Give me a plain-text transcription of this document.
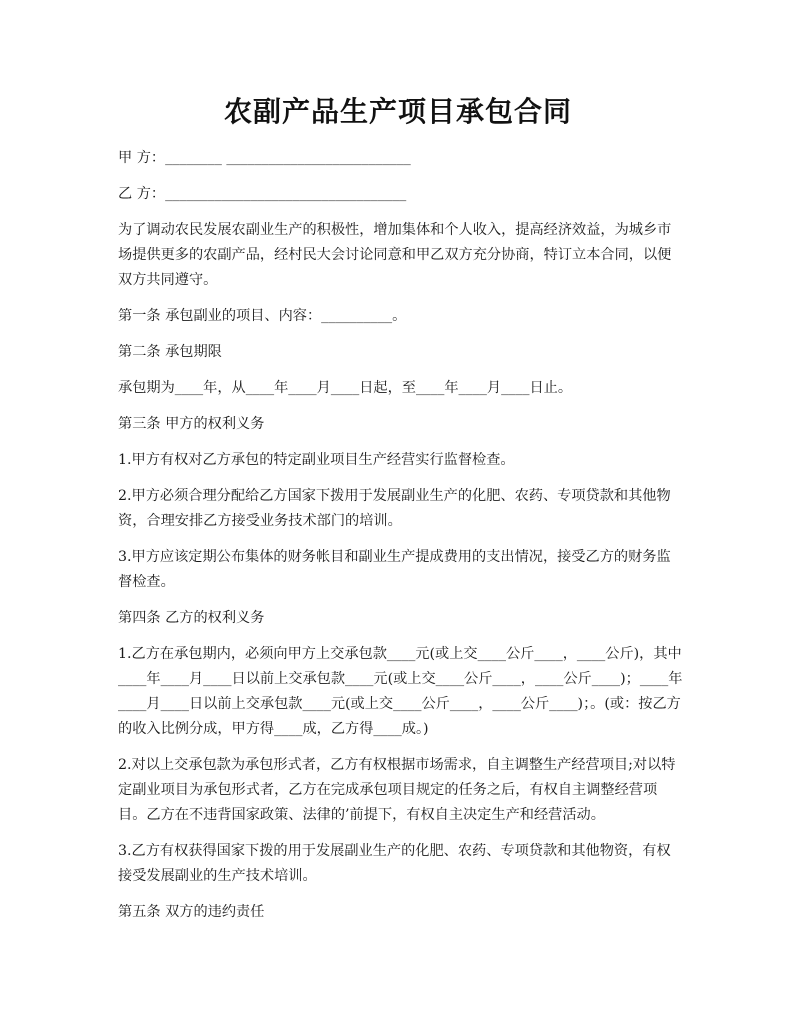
农副产品生产项目承包合同

甲 方：________ __________________________

乙 方：__________________________________

为了调动农民发展农副业生产的积极性，增加集体和个人收入，提高经济效益，为城乡市场提供更多的农副产品，经村民大会讨论同意和甲乙双方充分协商，特订立本合同，以便双方共同遵守。

第一条 承包副业的项目、内容：__________。

第二条 承包期限

承包期为____年，从____年____月____日起，至____年____月____日止。

第三条 甲方的权利义务

1.甲方有权对乙方承包的特定副业项目生产经营实行监督检查。

2.甲方必须合理分配给乙方国家下拨用于发展副业生产的化肥、农药、专项贷款和其他物资，合理安排乙方接受业务技术部门的培训。

3.甲方应该定期公布集体的财务帐目和副业生产提成费用的支出情况，接受乙方的财务监督检查。

第四条 乙方的权利义务

1.乙方在承包期内，必须向甲方上交承包款____元(或上交____公斤____，____公斤)，其中____年____月____日以前上交承包款____元(或上交____公斤____，____公斤____)；____年____月____日以前上交承包款____元(或上交____公斤____，____公斤____)；。(或：按乙方的收入比例分成，甲方得____成，乙方得____成。)

2.对以上交承包款为承包形式者，乙方有权根据市场需求，自主调整生产经营项目;对以特定副业项目为承包形式者，乙方在完成承包项目规定的任务之后，有权自主调整经营项目。乙方在不违背国家政策、法律的’前提下，有权自主决定生产和经营活动。

3.乙方有权获得国家下拨的用于发展副业生产的化肥、农药、专项贷款和其他物资，有权接受发展副业的生产技术培训。

第五条 双方的违约责任
